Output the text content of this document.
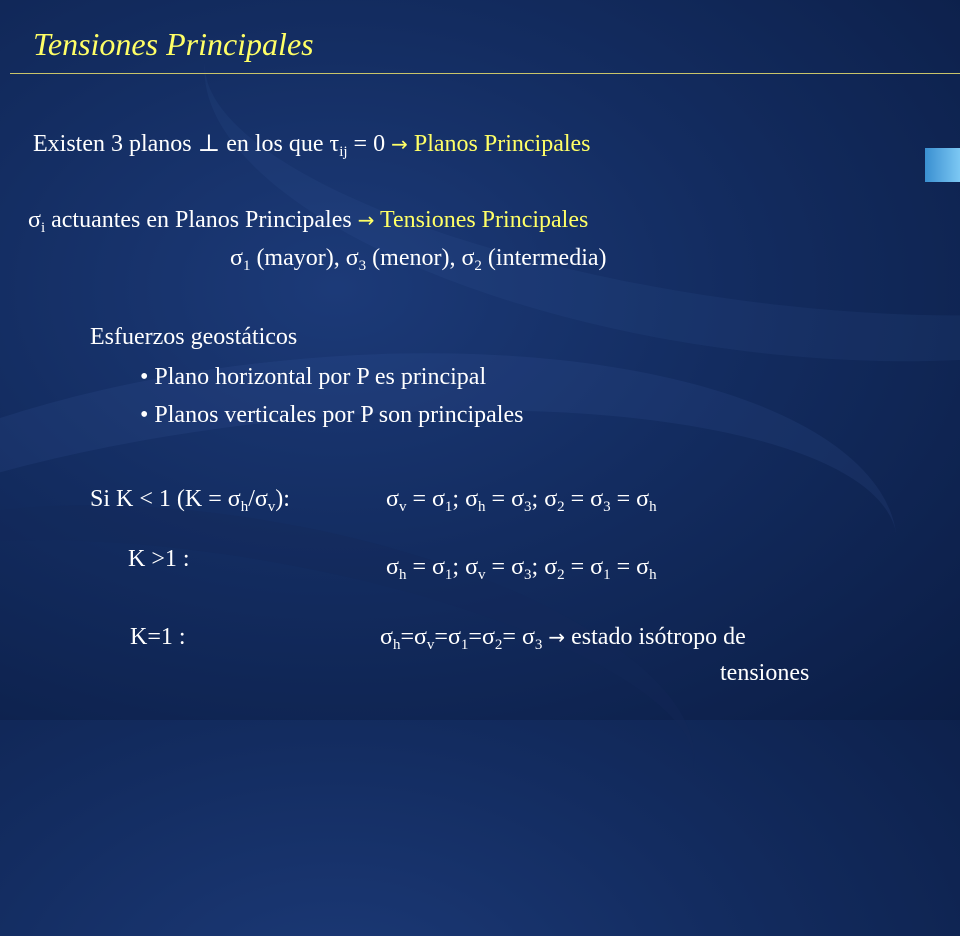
Tensiones Principales
Existen 3 planos ⊥ en los que $\tau_{ij} = 0$ → Planos Principales
$\sigma_i$ actuantes en Planos Principales → Tensiones Principales
$\sigma_1$ (mayor), $\sigma_3$ (menor), $\sigma_2$ (intermedia)
Esfuerzos geostáticos
• Plano horizontal por P es principal
• Planos verticales por P son principales
Si K < 1 $(K = \sigma_h/\sigma_v)$:	$\sigma_v = \sigma_1$; $\sigma_h = \sigma_3$; $\sigma_2 = \sigma_3 = \sigma_h$
K >1 :	$\sigma_h = \sigma_1$; $\sigma_v = \sigma_3$; $\sigma_2 = \sigma_1 = \sigma_h$
K=1 :	$\sigma_h=\sigma_v=\sigma_1=\sigma_2= \sigma_3$ → estado isótropo de
tensiones
